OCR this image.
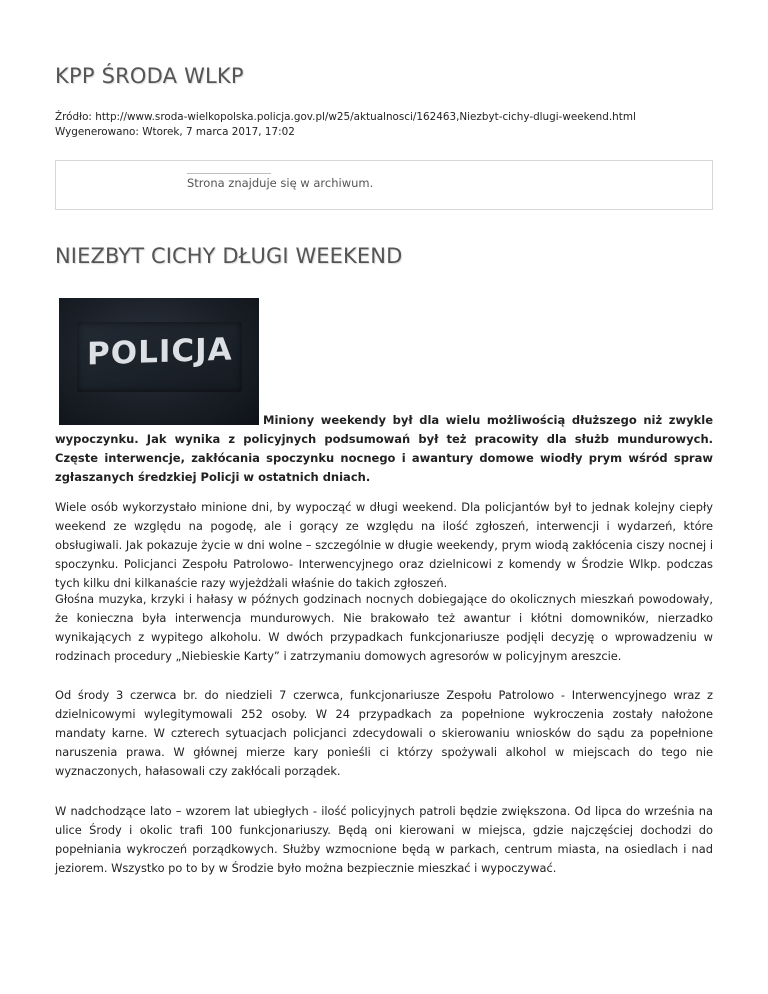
KPP ŚRODA WLKP
Źródło: http://www.sroda-wielkopolska.policja.gov.pl/w25/aktualnosci/162463,Niezbyt-cichy-dlugi-weekend.html
Wygenerowano: Wtorek, 7 marca 2017, 17:02
Strona znajduje się w archiwum.
NIEZBYT CICHY DŁUGI WEEKEND
POLICJA

Miniony weekendy był dla wielu możliwością dłuższego niż zwykle wypoczynku. Jak wynika z policyjnych podsumowań był też pracowity dla służb mundurowych. Częste interwencje, zakłócania spoczynku nocnego i awantury domowe wiodły prym wśród spraw zgłaszanych średzkiej Policji w ostatnich dniach.

Wiele osób wykorzystało minione dni, by wypocząć w długi weekend. Dla policjantów był to jednak kolejny ciepły weekend ze względu na pogodę, ale i gorący ze względu na ilość zgłoszeń, interwencji i wydarzeń, które obsługiwali. Jak pokazuje życie w dni wolne – szczególnie w długie weekendy, prym wiodą zakłócenia ciszy nocnej i spoczynku. Policjanci Zespołu Patrolowo- Interwencyjnego oraz dzielnicowi z komendy w Środzie Wlkp. podczas tych kilku dni kilkanaście razy wyjeżdżali właśnie do takich zgłoszeń.

Głośna muzyka, krzyki i hałasy w późnych godzinach nocnych dobiegające do okolicznych mieszkań powodowały, że konieczna była interwencja mundurowych. Nie brakowało też awantur i kłótni domowników, nierzadko wynikających z wypitego alkoholu. W dwóch przypadkach funkcjonariusze podjęli decyzję o wprowadzeniu w rodzinach procedury „Niebieskie Karty” i zatrzymaniu domowych agresorów w policyjnym areszcie.

Od środy 3 czerwca br. do niedzieli 7 czerwca, funkcjonariusze Zespołu Patrolowo - Interwencyjnego wraz z dzielnicowymi wylegitymowali 252 osoby. W 24 przypadkach za popełnione wykroczenia zostały nałożone mandaty karne. W czterech sytuacjach policjanci zdecydowali o skierowaniu wniosków do sądu za popełnione naruszenia prawa. W głównej mierze kary ponieśli ci którzy spożywali alkohol w miejscach do tego nie wyznaczonych, hałasowali czy zakłócali porządek.

W nadchodzące lato – wzorem lat ubiegłych - ilość policyjnych patroli będzie zwiększona. Od lipca do września na ulice Środy i okolic trafi 100 funkcjonariuszy. Będą oni kierowani w miejsca, gdzie najczęściej dochodzi do popełniania wykroczeń porządkowych. Służby wzmocnione będą w parkach, centrum miasta, na osiedlach i nad jeziorem. Wszystko po to by w Środzie było można bezpiecznie mieszkać i wypoczywać.
